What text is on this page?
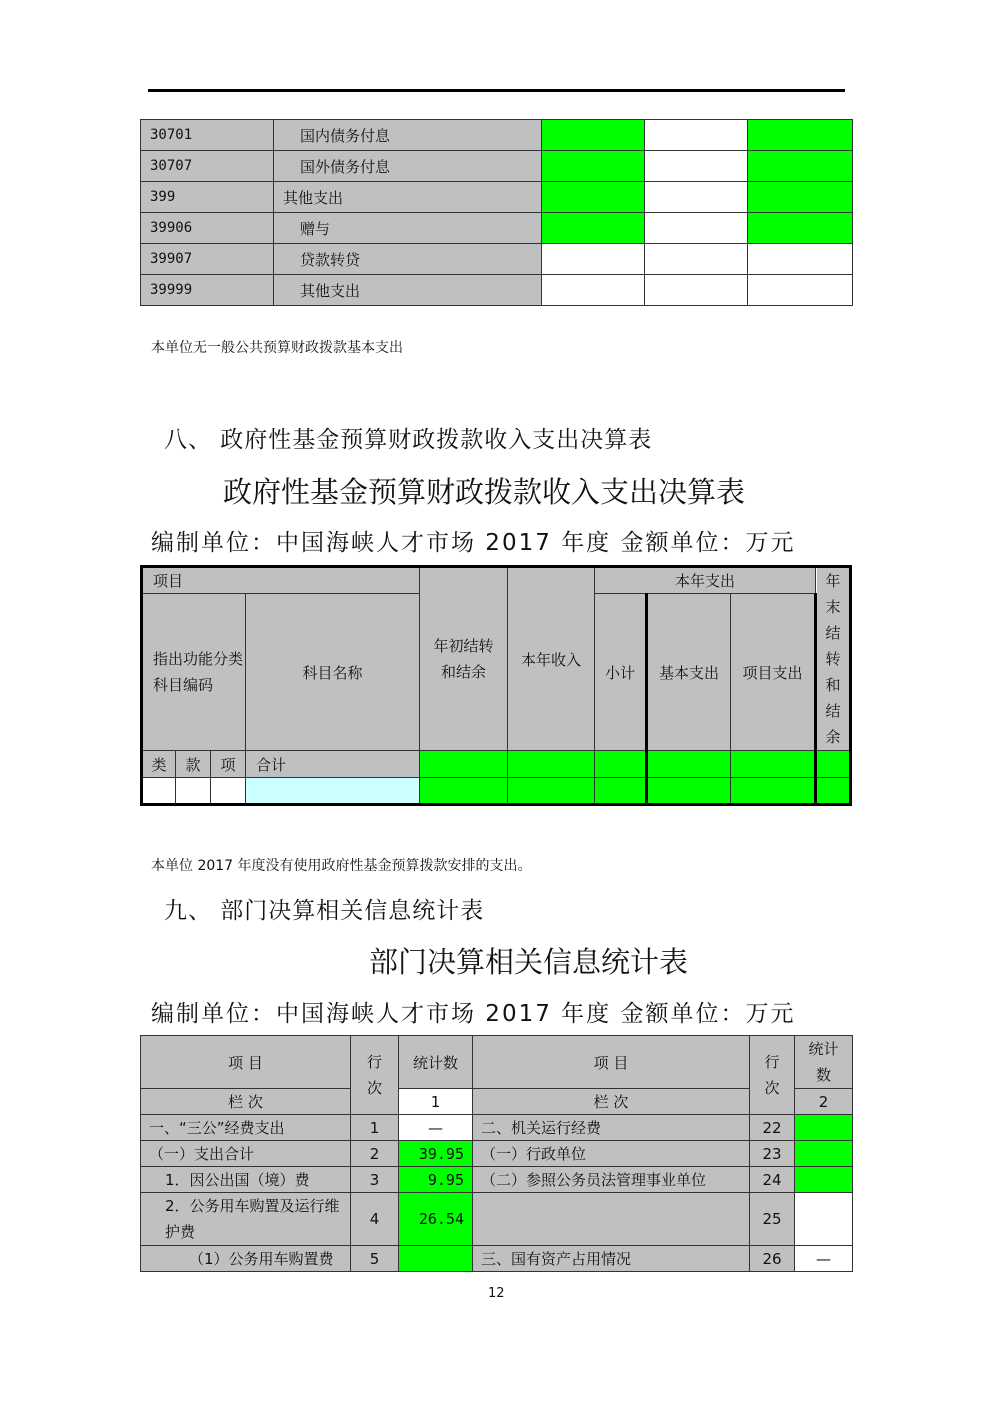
30701	国内债务付息			
30707	国外债务付息			
399	其他支出			
39906	赠与			
39907	贷款转贷			
39999	其他支出			
本单位无一般公共预算财政拨款基本支出
八、 政府性基金预算财政拨款收入支出决算表
政府性基金预算财政拨款收入支出决算表
编制单位：中国海峡人才市场 2017 年度 金额单位：万元
项目				年初结转和结余	本年收入	本年支出			年末结转和结余

指出功能分类科目编码			科目名称			小计	基本支出	项目支出	
类	款	项	合计						

本单位 2017 年度没有使用政府性基金预算拨款安排的支出。
九、 部门决算相关信息统计表
部门决算相关信息统计表
编制单位：中国海峡人才市场 2017 年度 金额单位：万元
项 目	行次	统计数	项 目	行次	统计数

栏 次		1	栏 次		2
一、“三公”经费支出	1	—	二、机关运行经费	22	
（一）支出合计	2	39.95	（一）行政单位	23	
1．因公出国（境）费	3	9.95	（二）参照公务员法管理事业单位	24	

2．公务用车购置及运行维护费	4	26.54		25	
（1）公务用车购置费	5		三、国有资产占用情况	26	—
12
